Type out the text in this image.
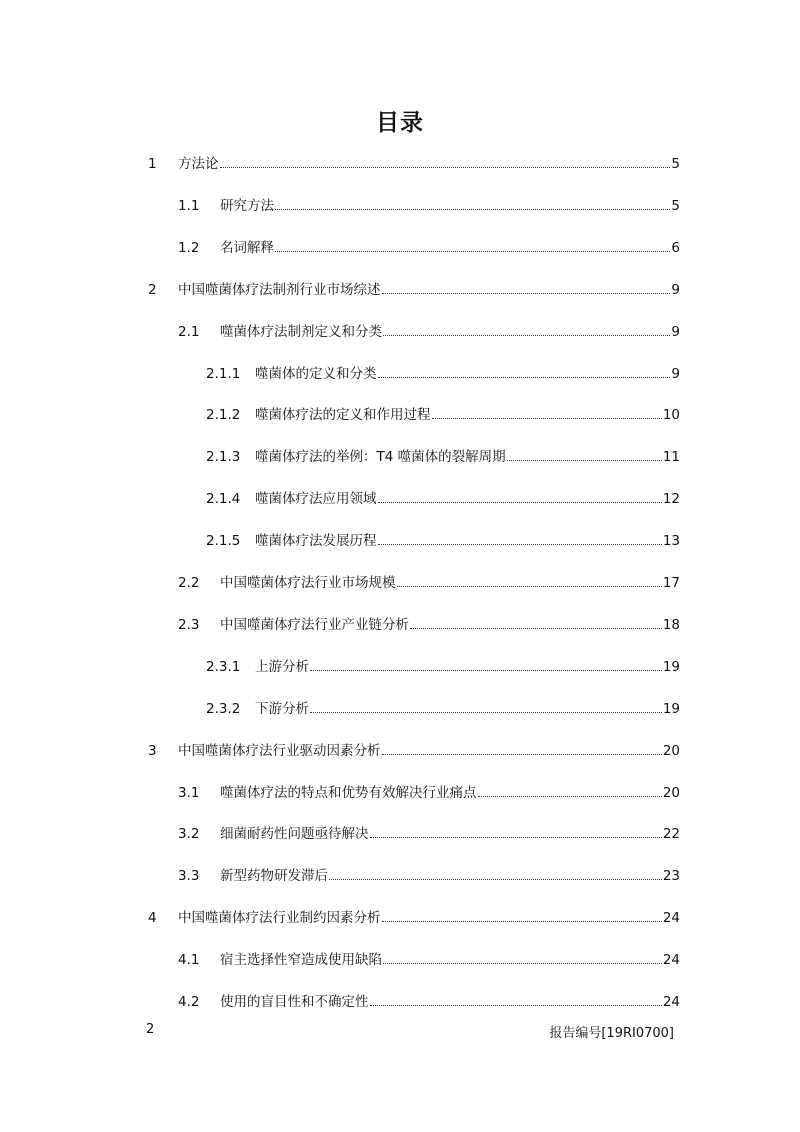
目录
1	方法论	5
1.1	研究方法	5
1.2	名词解释	6
2	中国噬菌体疗法制剂行业市场综述	9
2.1	噬菌体疗法制剂定义和分类	9
2.1.1	噬菌体的定义和分类	9
2.1.2	噬菌体疗法的定义和作用过程	10
2.1.3	噬菌体疗法的举例：T4 噬菌体的裂解周期	11
2.1.4	噬菌体疗法应用领域	12
2.1.5	噬菌体疗法发展历程	13
2.2	中国噬菌体疗法行业市场规模	17
2.3	中国噬菌体疗法行业产业链分析	18
2.3.1	上游分析	19
2.3.2	下游分析	19
3	中国噬菌体疗法行业驱动因素分析	20
3.1	噬菌体疗法的特点和优势有效解决行业痛点	20
3.2	细菌耐药性问题亟待解决	22
3.3	新型药物研发滞后	23
4	中国噬菌体疗法行业制约因素分析	24
4.1	宿主选择性窄造成使用缺陷	24
4.2	使用的盲目性和不确定性	24
2	报告编号[19RI0700]
